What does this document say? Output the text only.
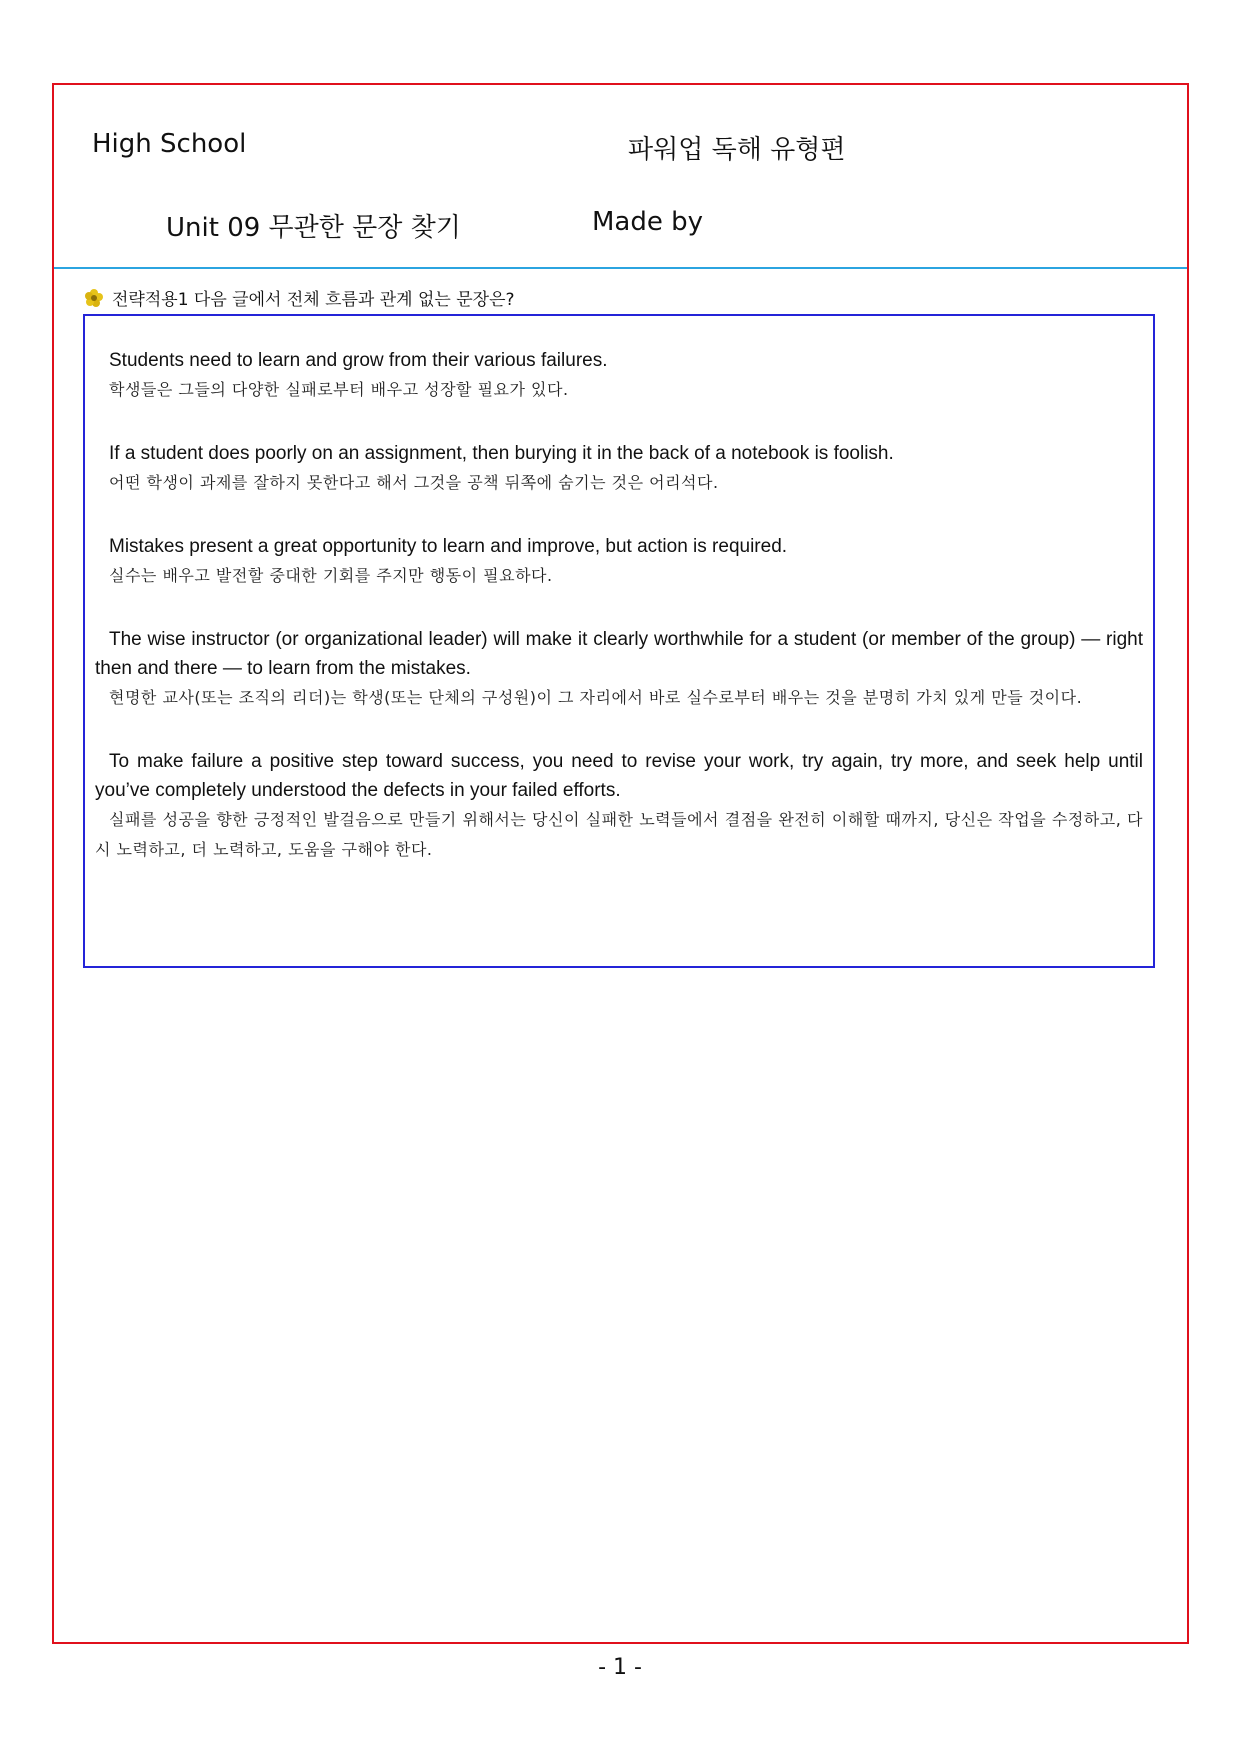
High School	파워업 독해 유형편
Unit 09 무관한 문장 찾기	Made by
전략적용1 다음 글에서 전체 흐름과 관계 없는 문장은?

Students need to learn and grow from their various failures.

학생들은 그들의 다양한 실패로부터 배우고 성장할 필요가 있다.

If a student does poorly on an assignment, then burying it in the back of a notebook is foolish.

어떤 학생이 과제를 잘하지 못한다고 해서 그것을 공책 뒤쪽에 숨기는 것은 어리석다.

Mistakes present a great opportunity to learn and improve, but action is required.

실수는 배우고 발전할 중대한 기회를 주지만 행동이 필요하다.

The wise instructor (or organizational leader) will make it clearly worthwhile for a student (or member of the group) — right then and there — to learn from the mistakes.

현명한 교사(또는 조직의 리더)는 학생(또는 단체의 구성원)이 그 자리에서 바로 실수로부터 배우는 것을 분명히 가치 있게 만들 것이다.

To make failure a positive step toward success, you need to revise your work, try again, try more, and seek help until you’ve completely understood the defects in your failed efforts.

실패를 성공을 향한 긍정적인 발걸음으로 만들기 위해서는 당신이 실패한 노력들에서 결점을 완전히 이해할 때까지, 당신은 작업을 수정하고, 다시 노력하고, 더 노력하고, 도움을 구해야 한다.

- 1 -
